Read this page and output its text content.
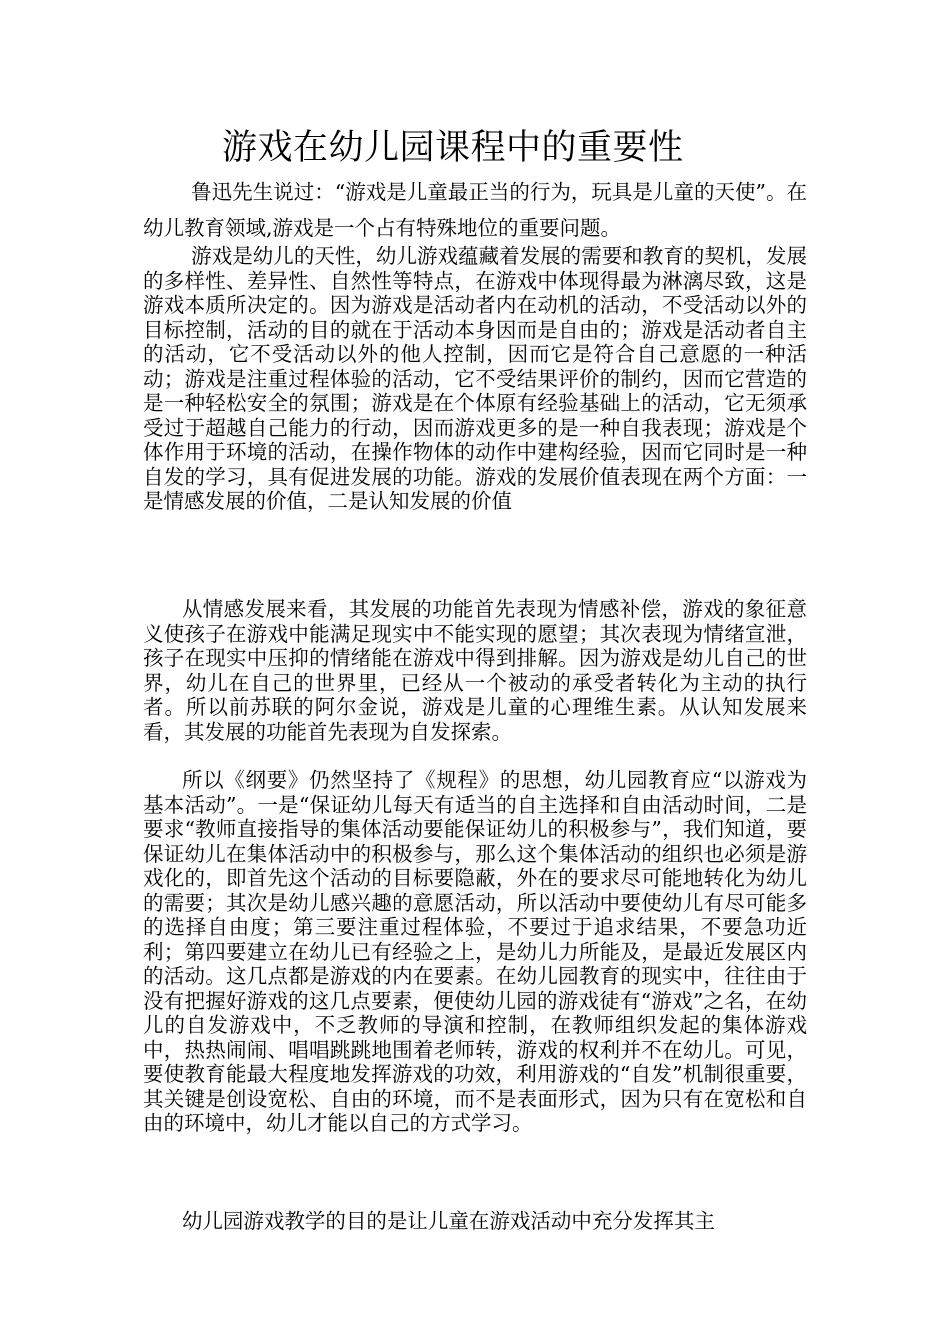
游戏在幼儿园课程中的重要性

鲁迅先生说过：“游戏是儿童最正当的行为，玩具是儿童的天使”。在幼儿教育领域,游戏是一个占有特殊地位的重要问题。

游戏是幼儿的天性，幼儿游戏蕴藏着发展的需要和教育的契机，发展的多样性、差异性、自然性等特点，在游戏中体现得最为淋漓尽致，这是游戏本质所决定的。因为游戏是活动者内在动机的活动，不受活动以外的目标控制，活动的目的就在于活动本身因而是自由的；游戏是活动者自主的活动，它不受活动以外的他人控制，因而它是符合自己意愿的一种活动；游戏是注重过程体验的活动，它不受结果评价的制约，因而它营造的是一种轻松安全的氛围；游戏是在个体原有经验基础上的活动，它无须承受过于超越自己能力的行动，因而游戏更多的是一种自我表现；游戏是个体作用于环境的活动，在操作物体的动作中建构经验，因而它同时是一种自发的学习，具有促进发展的功能。游戏的发展价值表现在两个方面：一是情感发展的价值，二是认知发展的价值

从情感发展来看，其发展的功能首先表现为情感补偿，游戏的象征意义使孩子在游戏中能满足现实中不能实现的愿望；其次表现为情绪宣泄，孩子在现实中压抑的情绪能在游戏中得到排解。因为游戏是幼儿自己的世界，幼儿在自己的世界里，已经从一个被动的承受者转化为主动的执行者。所以前苏联的阿尔金说，游戏是儿童的心理维生素。从认知发展来看，其发展的功能首先表现为自发探索。

所以《纲要》仍然坚持了《规程》的思想，幼儿园教育应“以游戏为基本活动”。一是“保证幼儿每天有适当的自主选择和自由活动时间，二是要求“教师直接指导的集体活动要能保证幼儿的积极参与”，我们知道，要保证幼儿在集体活动中的积极参与，那么这个集体活动的组织也必须是游戏化的，即首先这个活动的目标要隐蔽，外在的要求尽可能地转化为幼儿的需要；其次是幼儿感兴趣的意愿活动，所以活动中要使幼儿有尽可能多的选择自由度；第三要注重过程体验，不要过于追求结果，不要急功近利；第四要建立在幼儿已有经验之上，是幼儿力所能及，是最近发展区内的活动。这几点都是游戏的内在要素。在幼儿园教育的现实中，往往由于没有把握好游戏的这几点要素，便使幼儿园的游戏徒有“游戏”之名，在幼儿的自发游戏中，不乏教师的导演和控制，在教师组织发起的集体游戏中，热热闹闹、唱唱跳跳地围着老师转，游戏的权利并不在幼儿。可见，要使教育能最大程度地发挥游戏的功效，利用游戏的“自发”机制很重要，其关键是创设宽松、自由的环境，而不是表面形式，因为只有在宽松和自由的环境中，幼儿才能以自己的方式学习。

幼儿园游戏教学的目的是让儿童在游戏活动中充分发挥其主
